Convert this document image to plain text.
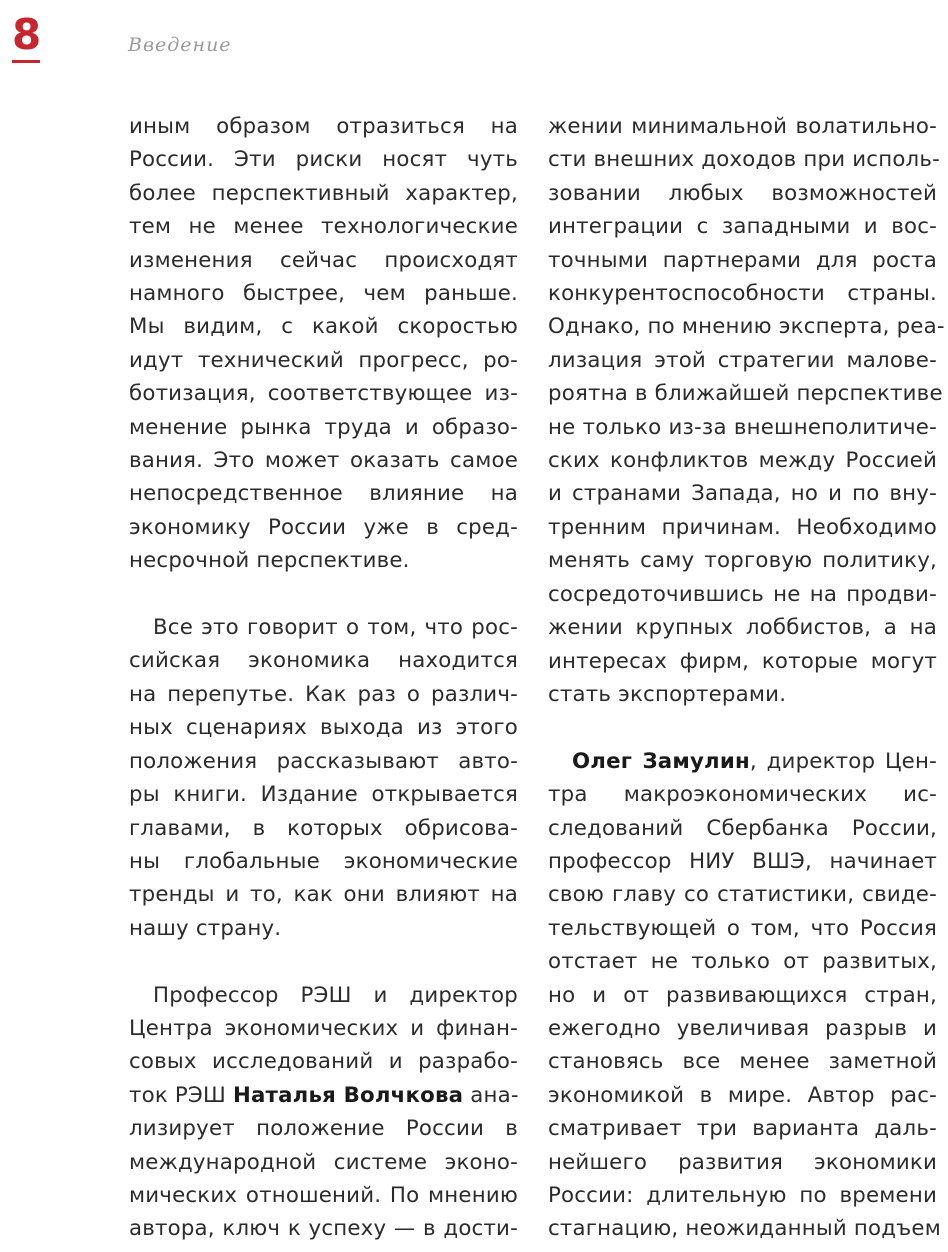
8	Введение
иным образом отразиться на
России. Эти риски носят чуть
более перспективный характер,
тем не менее технологические
изменения сейчас происходят
намного быстрее, чем раньше.
Мы видим, с какой скоростью
идут технический прогресс, ро-
ботизация, соответствующее из-
менение рынка труда и образо-
вания. Это может оказать самое
непосредственное влияние на
экономику России уже в сред-
несрочной перспективе.
Все это говорит о том, что рос-
сийская экономика находится
на перепутье. Как раз о различ-
ных сценариях выхода из этого
положения рассказывают авто-
ры книги. Издание открывается
главами, в которых обрисова-
ны глобальные экономические
тренды и то, как они влияют на
нашу страну.
Профессор РЭШ и директор
Центра экономических и финан-
совых исследований и разрабо-
ток РЭШ Наталья Волчкова ана-
лизирует положение России в
международной системе эконо-
мических отношений. По мнению
автора, ключ к успеху — в дости-
жении минимальной волатильно-
сти внешних доходов при исполь-
зовании любых возможностей
интеграции с западными и вос-
точными партнерами для роста
конкурентоспособности страны.
Однако, по мнению эксперта, реа-
лизация этой стратегии малове-
роятна в ближайшей перспективе
не только из-за внешнеполитиче-
ских конфликтов между Россией
и странами Запада, но и по вну-
тренним причинам. Необходимо
менять саму торговую политику,
сосредоточившись не на продви-
жении крупных лоббистов, а на
интересах фирм, которые могут
стать экспортерами.
Олег Замулин, директор Цен-
тра макроэкономических ис-
следований Сбербанка России,
профессор НИУ ВШЭ, начинает
свою главу со статистики, свиде-
тельствующей о том, что Россия
отстает не только от развитых,
но и от развивающихся стран,
ежегодно увеличивая разрыв и
становясь все менее заметной
экономикой в мире. Автор рас-
сматривает три варианта даль-
нейшего развития экономики
России: длительную по времени
стагнацию, неожиданный подъем
